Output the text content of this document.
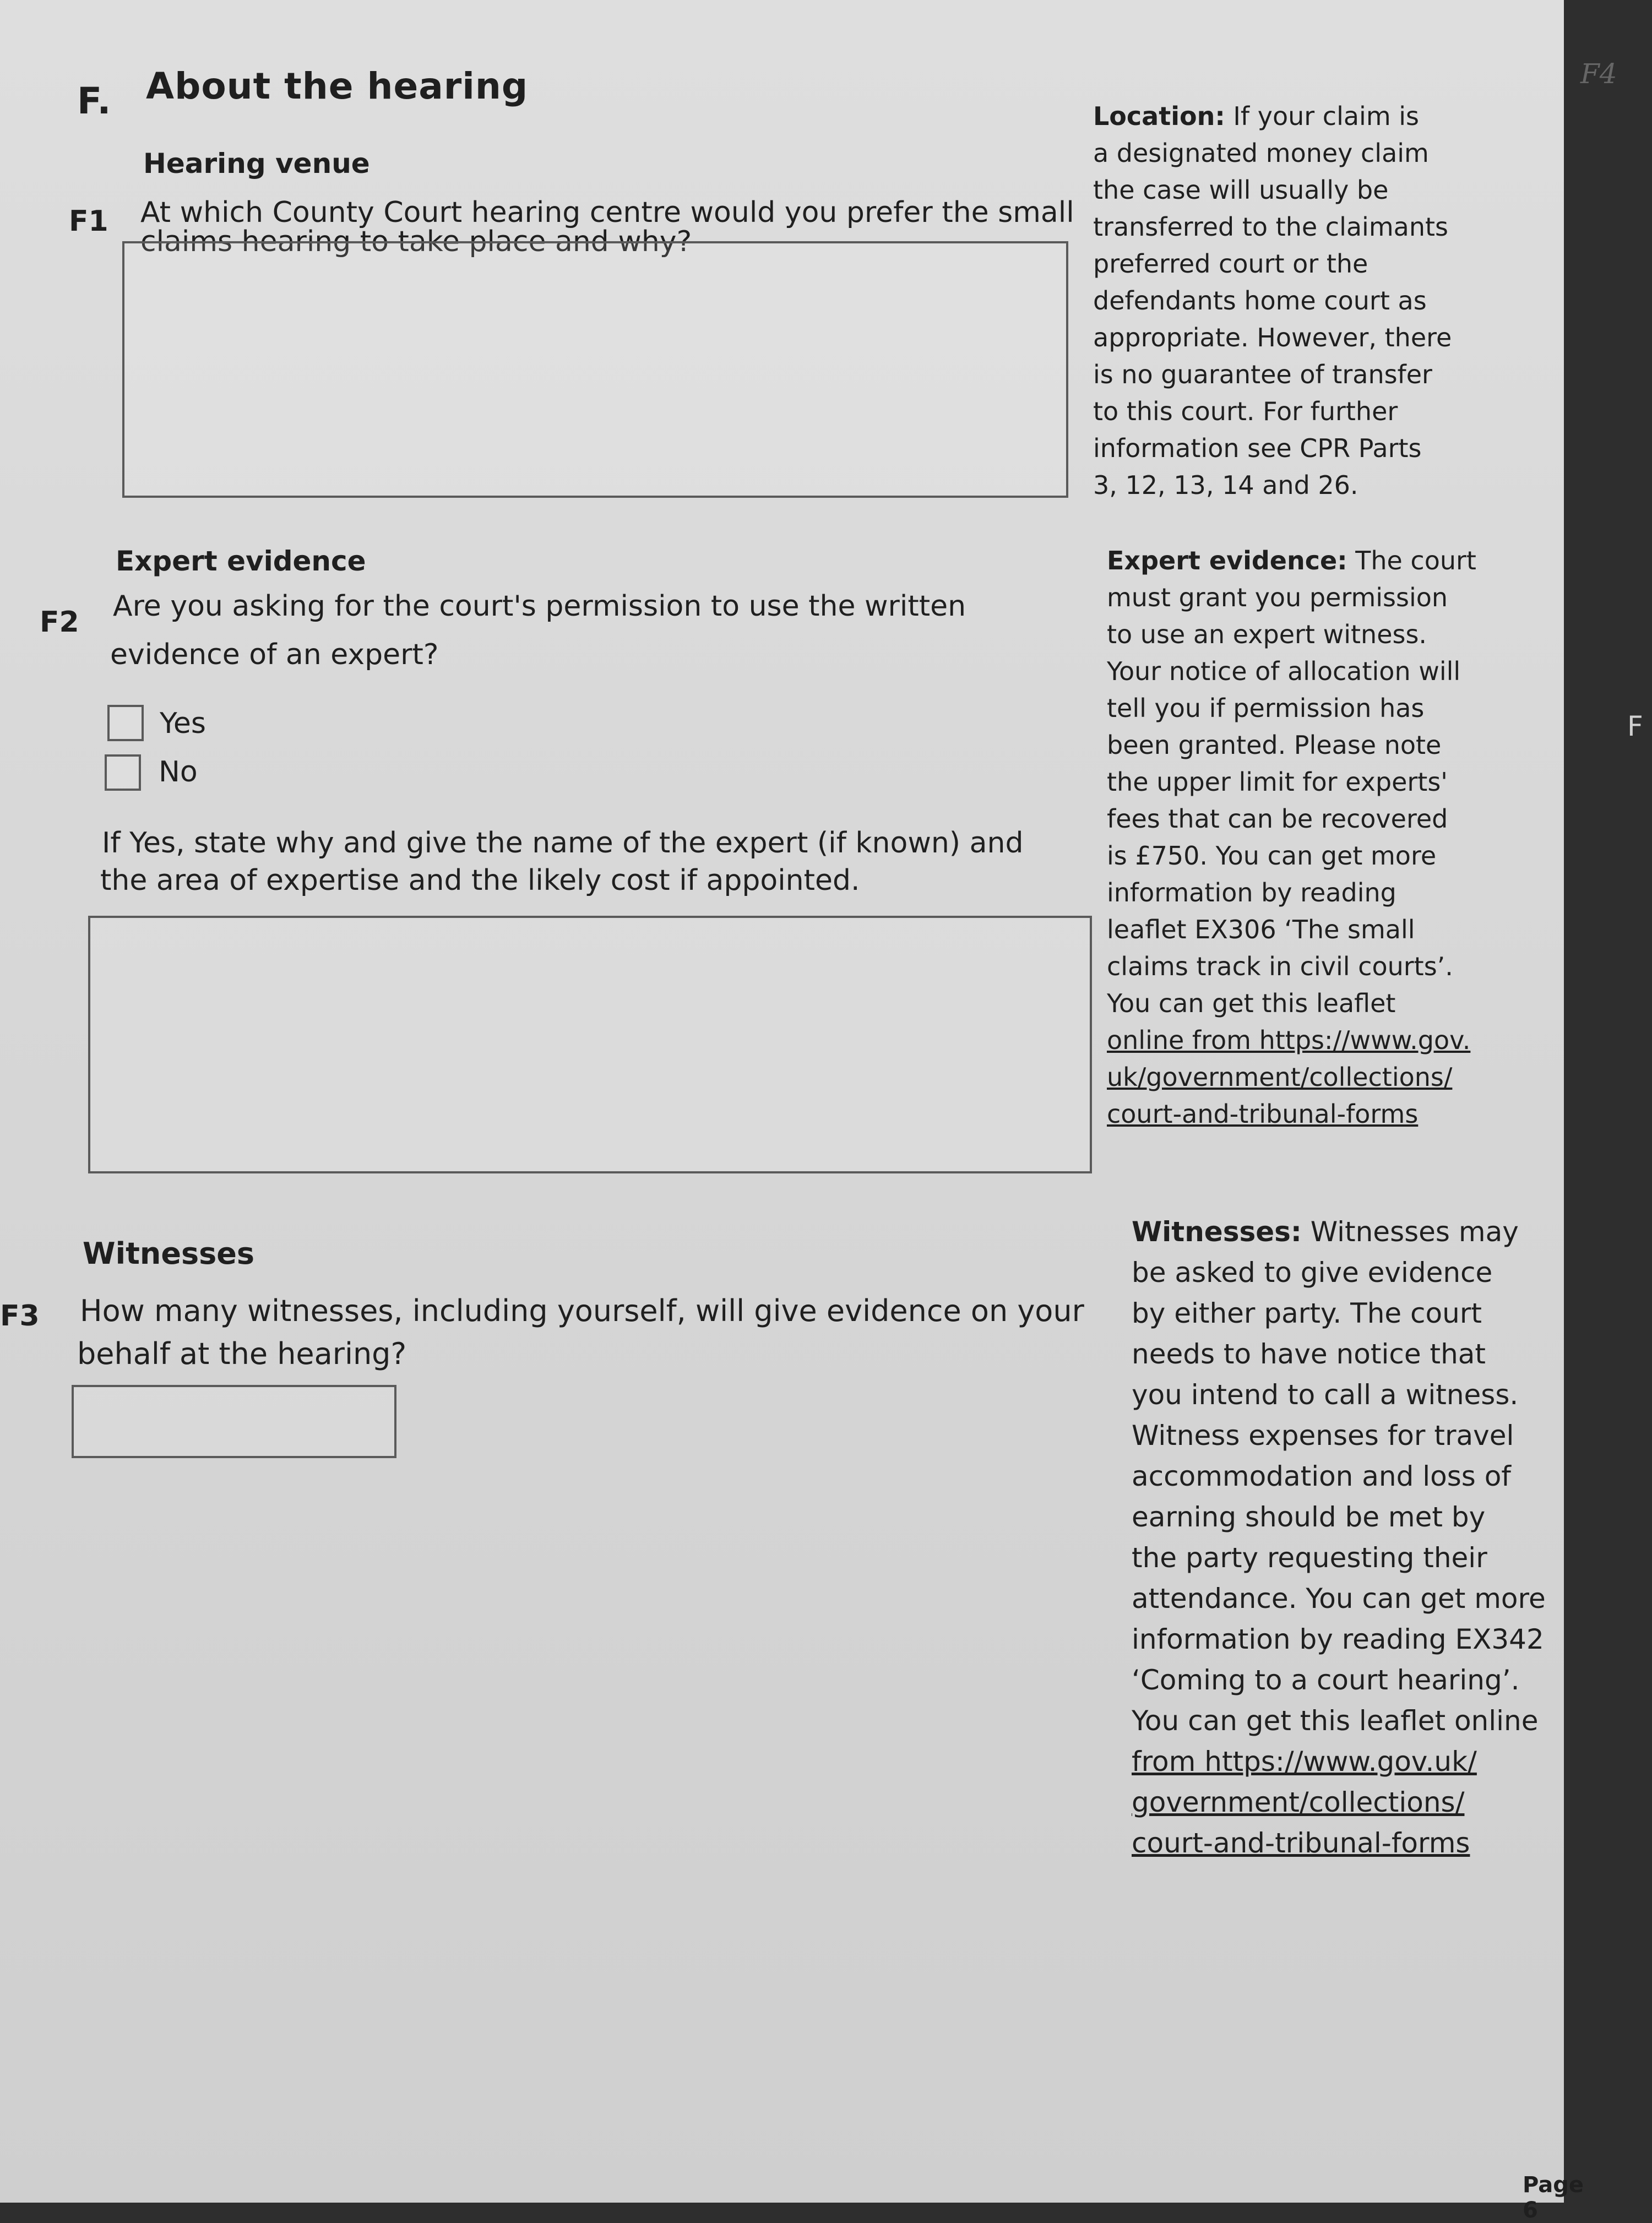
F. About the hearing	F4
Hearing venue
F1 At which County Court hearing centre would you prefer the small
claims hearing to take place and why?
Location: If your claim is
a designated money claim
the case will usually be
transferred to the claimants
preferred court or the
defendants home court as
appropriate. However, there
is no guarantee of transfer
to this court. For further
information see CPR Parts
3, 12, 13, 14 and 26.
Expert evidence
F2 Are you asking for the court's permission to use the written
evidence of an expert?
Yes
No
If Yes, state why and give the name of the expert (if known) and
the area of expertise and the likely cost if appointed.
Expert evidence: The court
must grant you permission
to use an expert witness.
Your notice of allocation will
tell you if permission has
been granted. Please note
the upper limit for experts'
fees that can be recovered
is £750. You can get more
information by reading
leaflet EX306 ‘The small
claims track in civil courts’.
You can get this leaflet
online from https://www.gov.
uk/government/collections/
court-and-tribunal-forms
Witnesses
F3 How many witnesses, including yourself, will give evidence on your
behalf at the hearing?
Witnesses: Witnesses may
be asked to give evidence
by either party. The court
needs to have notice that
you intend to call a witness.
Witness expenses for travel
accommodation and loss of
earning should be met by
the party requesting their
attendance. You can get more
information by reading EX342
‘Coming to a court hearing’.
You can get this leaflet online
from https://www.gov.uk/
government/collections/
court-and-tribunal-forms
Page 6
F
